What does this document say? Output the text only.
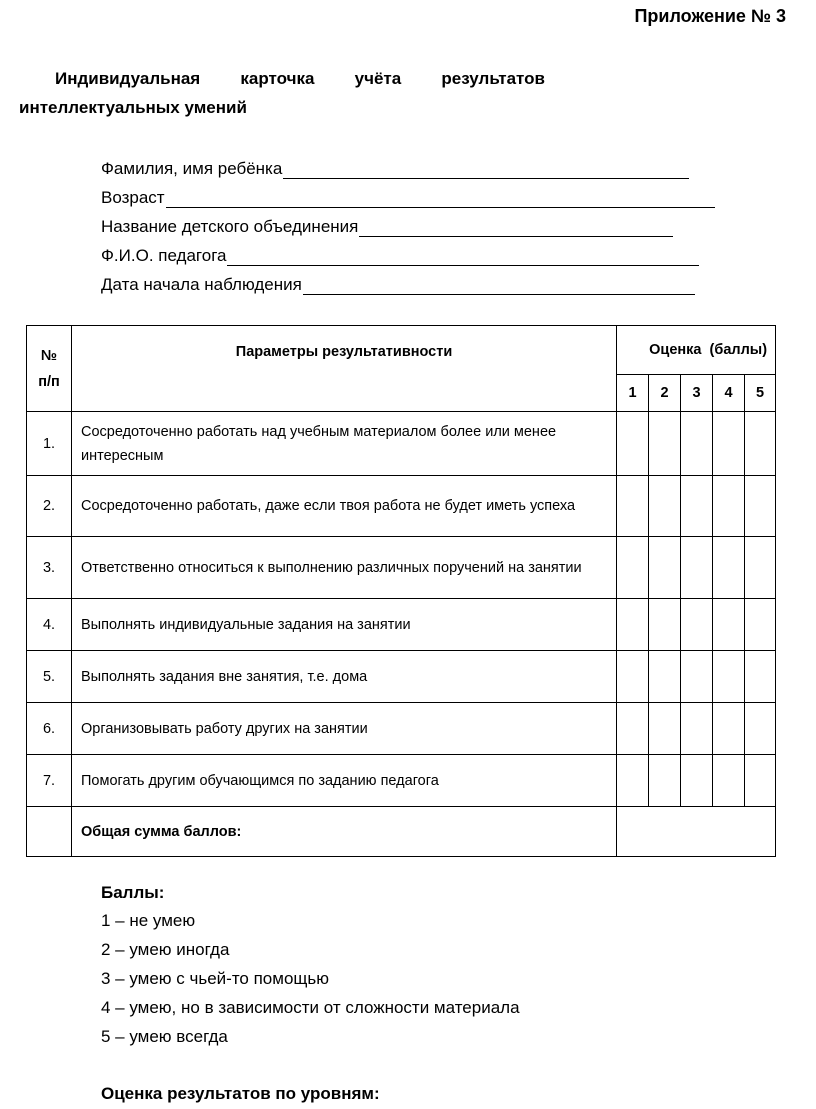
Приложение № 3
Индивидуальная карточка учёта результатов
интеллектуальных умений
Фамилия, имя ребёнка
Возраст
Название детского объединения
Ф.И.О. педагога
Дата начала наблюдения
№ п/п	Параметры результативности	Оценка  (баллы)				

		1	2	3	4	5
1.	Сосредоточенно работать над учебным материалом более или менее интересным					
2.	Сосредоточенно работать, даже если твоя работа не будет иметь успеха					
3.	Ответственно относиться к выполнению различных поручений на занятии					
4.	Выполнять индивидуальные задания на занятии					
5.	Выполнять задания вне занятия, т.е. дома					
6.	Организовывать работу других на занятии					
7.	Помогать другим обучающимся по заданию педагога					
	Общая сумма баллов:					
Баллы:
1 – не умею
2 – умею иногда
3 – умею с чьей-то помощью
4 – умею, но в зависимости от сложности материала
5 – умею всегда
Оценка результатов по уровням:
